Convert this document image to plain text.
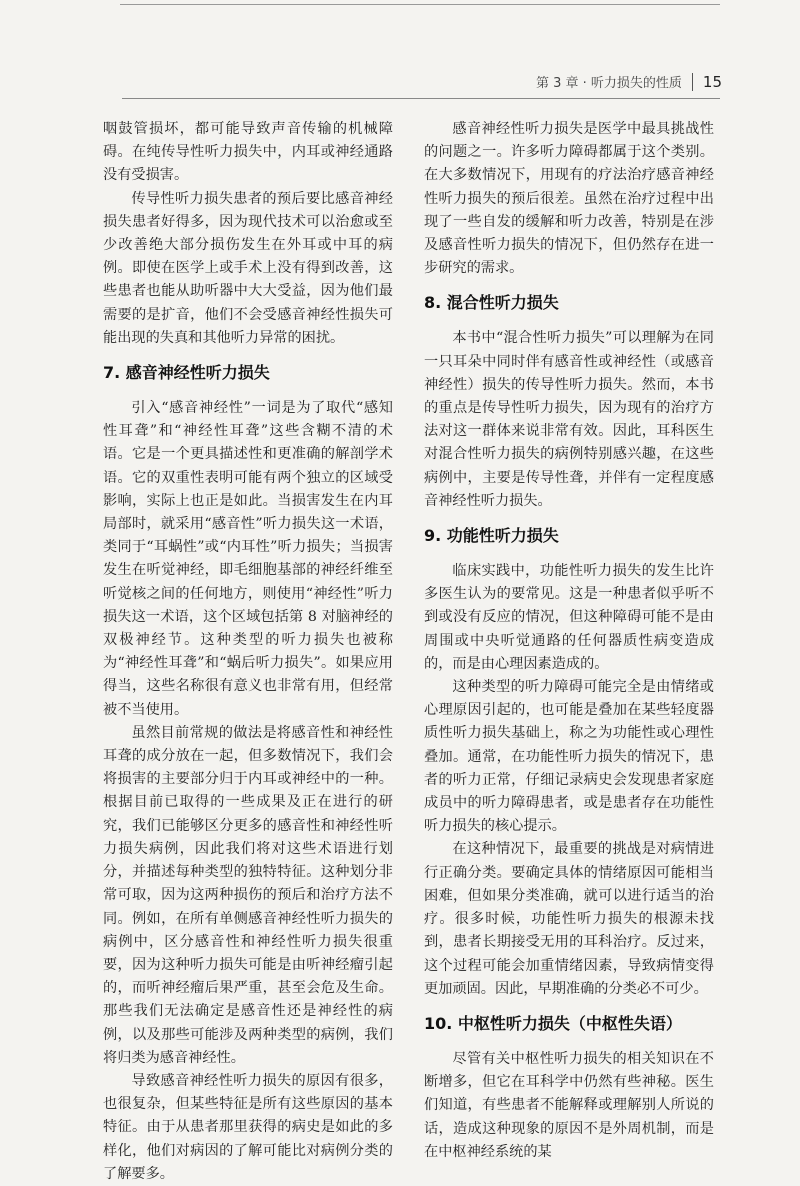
第 3 章 · 听力损失的性质 15

咽鼓管损坏，都可能导致声音传输的机械障碍。在纯传导性听力损失中，内耳或神经通路没有受损害。

传导性听力损失患者的预后要比感音神经损失患者好得多，因为现代技术可以治愈或至少改善绝大部分损伤发生在外耳或中耳的病例。即使在医学上或手术上没有得到改善，这些患者也能从助听器中大大受益，因为他们最需要的是扩音，他们不会受感音神经性损失可能出现的失真和其他听力异常的困扰。

7. 感音神经性听力损失

引入“感音神经性”一词是为了取代“感知性耳聋”和“神经性耳聋”这些含糊不清的术语。它是一个更具描述性和更准确的解剖学术语。它的双重性表明可能有两个独立的区域受影响，实际上也正是如此。当损害发生在内耳局部时，就采用“感音性”听力损失这一术语，类同于“耳蜗性”或“内耳性”听力损失；当损害发生在听觉神经，即毛细胞基部的神经纤维至听觉核之间的任何地方，则使用“神经性”听力损失这一术语，这个区域包括第 8 对脑神经的双极神经节。这种类型的听力损失也被称为“神经性耳聋”和“蜗后听力损失”。如果应用得当，这些名称很有意义也非常有用，但经常被不当使用。

虽然目前常规的做法是将感音性和神经性耳聋的成分放在一起，但多数情况下，我们会将损害的主要部分归于内耳或神经中的一种。根据目前已取得的一些成果及正在进行的研究，我们已能够区分更多的感音性和神经性听力损失病例，因此我们将对这些术语进行划分，并描述每种类型的独特特征。这种划分非常可取，因为这两种损伤的预后和治疗方法不同。例如，在所有单侧感音神经性听力损失的病例中，区分感音性和神经性听力损失很重要，因为这种听力损失可能是由听神经瘤引起的，而听神经瘤后果严重，甚至会危及生命。那些我们无法确定是感音性还是神经性的病例，以及那些可能涉及两种类型的病例，我们将归类为感音神经性。

导致感音神经性听力损失的原因有很多，也很复杂，但某些特征是所有这些原因的基本特征。由于从患者那里获得的病史是如此的多样化，他们对病因的了解可能比对病例分类的了解要多。

感音神经性听力损失是医学中最具挑战性的问题之一。许多听力障碍都属于这个类别。在大多数情况下，用现有的疗法治疗感音神经性听力损失的预后很差。虽然在治疗过程中出现了一些自发的缓解和听力改善，特别是在涉及感音性听力损失的情况下，但仍然存在进一步研究的需求。

8. 混合性听力损失

本书中“混合性听力损失”可以理解为在同一只耳朵中同时伴有感音性或神经性（或感音神经性）损失的传导性听力损失。然而，本书的重点是传导性听力损失，因为现有的治疗方法对这一群体来说非常有效。因此，耳科医生对混合性听力损失的病例特别感兴趣，在这些病例中，主要是传导性聋，并伴有一定程度感音神经性听力损失。

9. 功能性听力损失

临床实践中，功能性听力损失的发生比许多医生认为的要常见。这是一种患者似乎听不到或没有反应的情况，但这种障碍可能不是由周围或中央听觉通路的任何器质性病变造成的，而是由心理因素造成的。

这种类型的听力障碍可能完全是由情绪或心理原因引起的，也可能是叠加在某些轻度器质性听力损失基础上，称之为功能性或心理性叠加。通常，在功能性听力损失的情况下，患者的听力正常，仔细记录病史会发现患者家庭成员中的听力障碍患者，或是患者存在功能性听力损失的核心提示。

在这种情况下，最重要的挑战是对病情进行正确分类。要确定具体的情绪原因可能相当困难，但如果分类准确，就可以进行适当的治疗。很多时候，功能性听力损失的根源未找到，患者长期接受无用的耳科治疗。反过来，这个过程可能会加重情绪因素，导致病情变得更加顽固。因此，早期准确的分类必不可少。

10. 中枢性听力损失（中枢性失语）

尽管有关中枢性听力损失的相关知识在不断增多，但它在耳科学中仍然有些神秘。医生们知道，有些患者不能解释或理解别人所说的话，造成这种现象的原因不是外周机制，而是在中枢神经系统的某
